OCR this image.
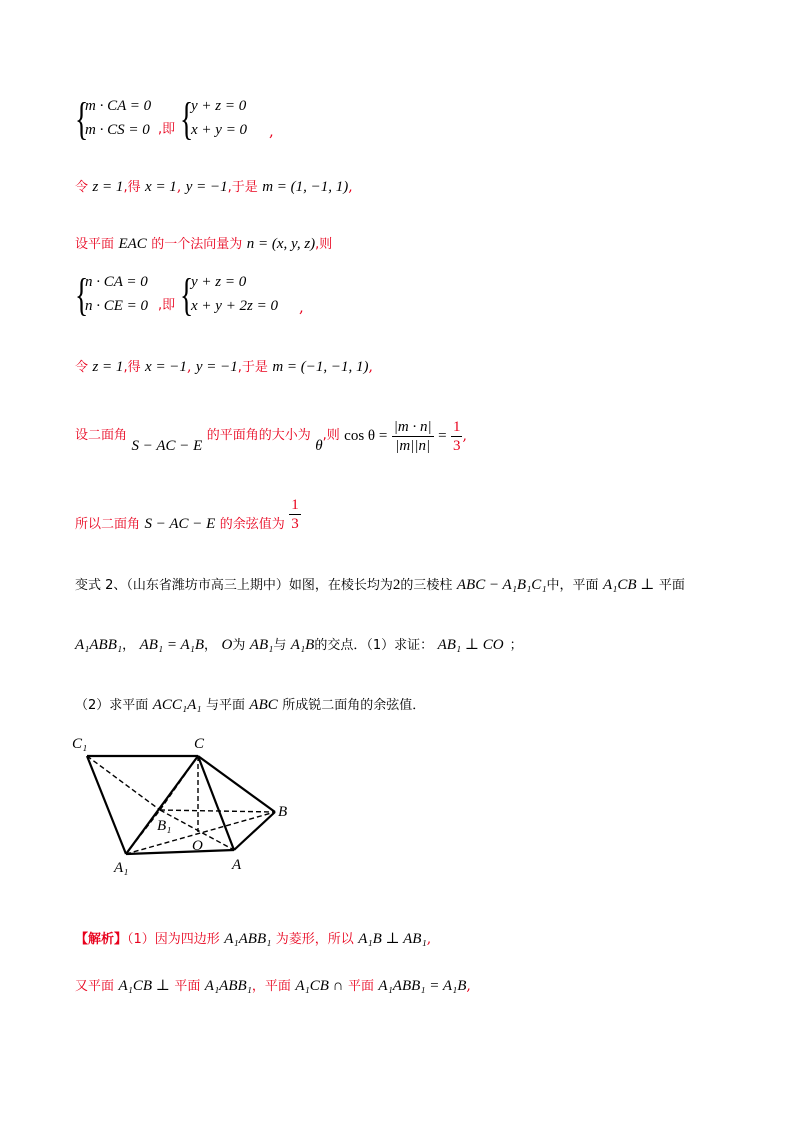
{
m · CA = 0
m · CS = 0 ,即 {
y + z = 0
x + y = 0 ,
令 z = 1,得 x = 1, y = −1,于是 m = (1, −1, 1),
设平面 EAC 的一个法向量为 n = (x, y, z),则
{
n · CA = 0
n · CE = 0 ,即 {
y + z = 0
x + y + 2z = 0 ,
令 z = 1,得 x = −1, y = −1,于是 m = (−1, −1, 1),
设二面角 S − AC − E 的平面角的大小为 θ,则 $\cos \theta = \frac{|m \cdot n|}{|m||n|} = \frac{1}{3}$ ,
所以二面角 S − AC − E 的余弦值为 $\frac{1}{3}$
变式 2、（山东省潍坊市高三上期中）如图，在棱长均为2的三棱柱 ABC − A₁B₁C₁中，平面 A₁CB ⊥ 平面
A₁ABB₁， AB₁ = A₁B， O为 AB₁与 A₁B的交点．（1）求证： AB₁ ⊥ CO ；
（2）求平面 ACC₁A₁ 与平面 ABC 所成锐二面角的余弦值．
C₁	C
B
B₁
O
A₁	A
【解析】（1）因为四边形 A₁ABB₁ 为菱形，所以 A₁B ⊥ AB₁,
又平面 A₁CB ⊥ 平面 A₁ABB₁，平面 A₁CB ∩ 平面 A₁ABB₁ = A₁B,
